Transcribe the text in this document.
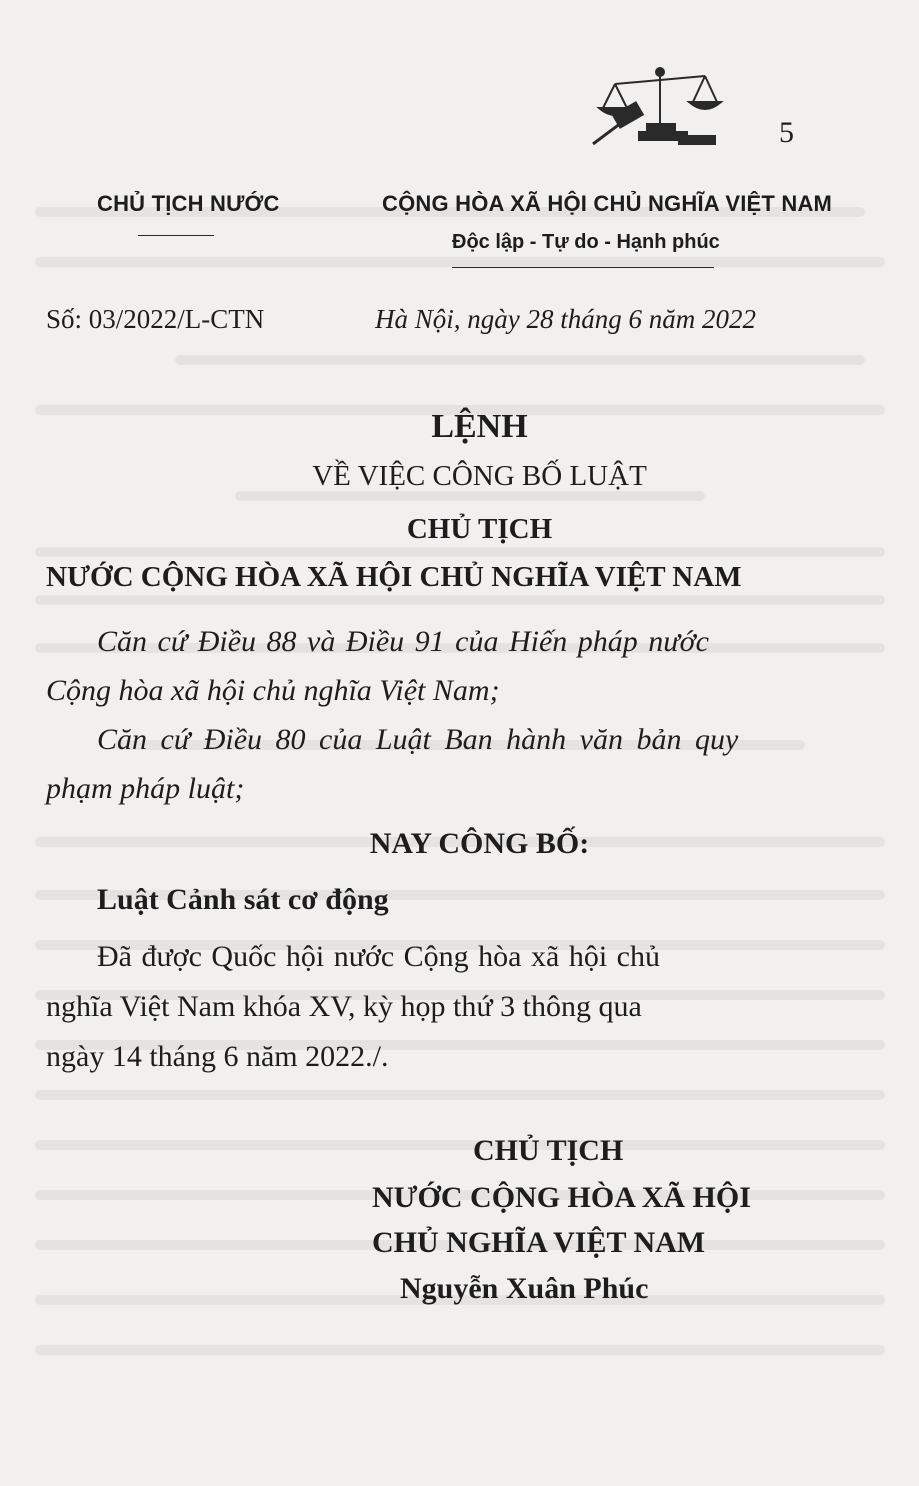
5
CHỦ TỊCH NƯỚC	CỘNG HÒA XÃ HỘI CHỦ NGHĨA VIỆT NAM
Độc lập - Tự do - Hạnh phúc
Số: 03/2022/L-CTN	Hà Nội, ngày 28 tháng 6 năm 2022
LỆNH
VỀ VIỆC CÔNG BỐ LUẬT
CHỦ TỊCH
NƯỚC CỘNG HÒA XÃ HỘI CHỦ NGHĨA VIỆT NAM
Căn cứ Điều 88 và Điều 91 của Hiến pháp nước
Cộng hòa xã hội chủ nghĩa Việt Nam;
Căn cứ Điều 80 của Luật Ban hành văn bản quy
phạm pháp luật;
NAY CÔNG BỐ:
Luật Cảnh sát cơ động
Đã được Quốc hội nước Cộng hòa xã hội chủ
nghĩa Việt Nam khóa XV, kỳ họp thứ 3 thông qua
ngày 14 tháng 6 năm 2022./.
CHỦ TỊCH
NƯỚC CỘNG HÒA XÃ HỘI
CHỦ NGHĨA VIỆT NAM
Nguyễn Xuân Phúc
